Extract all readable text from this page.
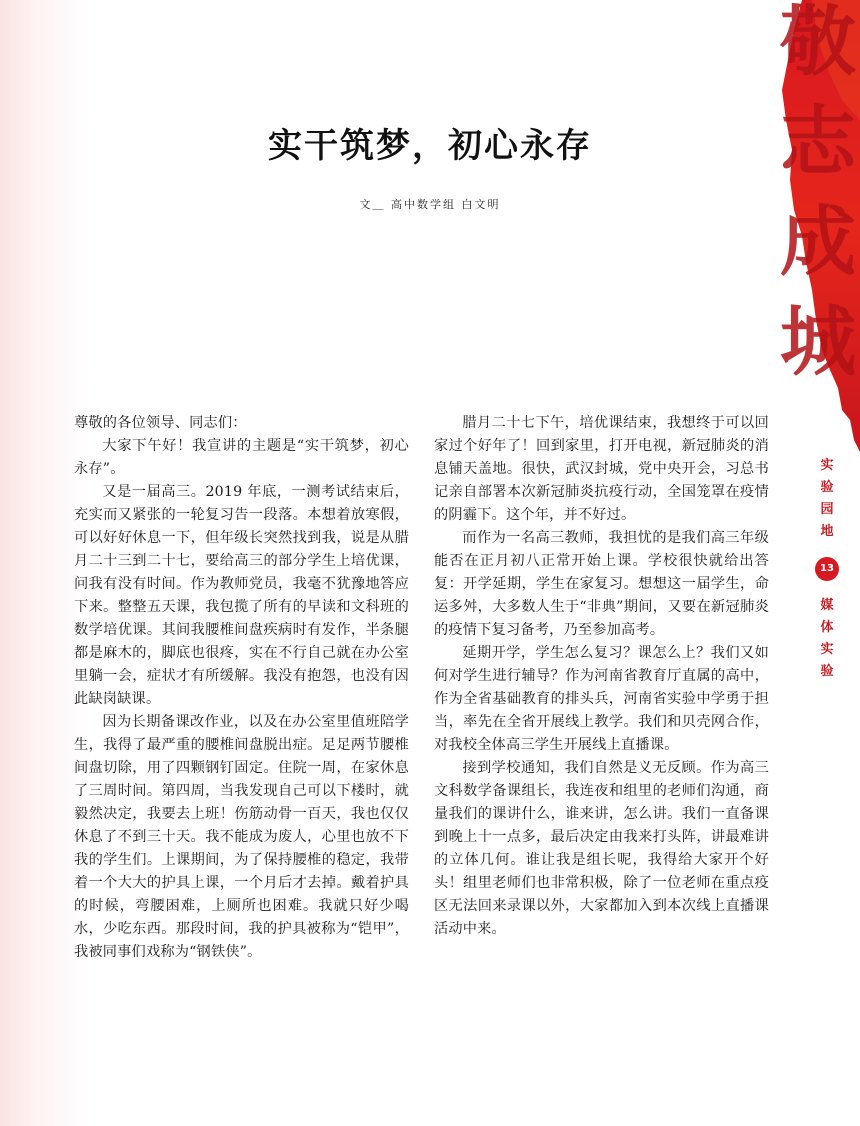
敬
志
成
城
实干筑梦，初心永存
文＿ 高中数学组 白文明

尊敬的各位领导、同志们：

大家下午好！我宣讲的主题是“实干筑梦，初心永存”。

又是一届高三。2019 年底，一测考试结束后，充实而又紧张的一轮复习告一段落。本想着放寒假，可以好好休息一下，但年级长突然找到我，说是从腊月二十三到二十七，要给高三的部分学生上培优课，问我有没有时间。作为教师党员，我毫不犹豫地答应下来。整整五天课，我包揽了所有的早读和文科班的数学培优课。其间我腰椎间盘疾病时有发作，半条腿都是麻木的，脚底也很疼，实在不行自己就在办公室里躺一会，症状才有所缓解。我没有抱怨，也没有因此缺岗缺课。

因为长期备课改作业，以及在办公室里值班陪学生，我得了最严重的腰椎间盘脱出症。足足两节腰椎间盘切除，用了四颗钢钉固定。住院一周，在家休息了三周时间。第四周，当我发现自己可以下楼时，就毅然决定，我要去上班！伤筋动骨一百天，我也仅仅休息了不到三十天。我不能成为废人，心里也放不下我的学生们。上课期间，为了保持腰椎的稳定，我带着一个大大的护具上课，一个月后才去掉。戴着护具的时候，弯腰困难，上厕所也困难。我就只好少喝水，少吃东西。那段时间，我的护具被称为“铠甲”，我被同事们戏称为“钢铁侠”。

腊月二十七下午，培优课结束，我想终于可以回家过个好年了！回到家里，打开电视，新冠肺炎的消息铺天盖地。很快，武汉封城，党中央开会，习总书记亲自部署本次新冠肺炎抗疫行动，全国笼罩在疫情的阴霾下。这个年，并不好过。

而作为一名高三教师，我担忧的是我们高三年级能否在正月初八正常开始上课。学校很快就给出答复：开学延期，学生在家复习。想想这一届学生，命运多舛，大多数人生于“非典”期间，又要在新冠肺炎的疫情下复习备考，乃至参加高考。

延期开学，学生怎么复习？课怎么上？我们又如何对学生进行辅导？作为河南省教育厅直属的高中，作为全省基础教育的排头兵，河南省实验中学勇于担当，率先在全省开展线上教学。我们和贝壳网合作，对我校全体高三学生开展线上直播课。

接到学校通知，我们自然是义无反顾。作为高三文科数学备课组长，我连夜和组里的老师们沟通，商量我们的课讲什么，谁来讲，怎么讲。我们一直备课到晚上十一点多，最后决定由我来打头阵，讲最难讲的立体几何。谁让我是组长呢，我得给大家开个好头！组里老师们也非常积极，除了一位老师在重点疫区无法回来录课以外，大家都加入到本次线上直播课活动中来。

实
验
园
地
13
媒
体
实
验
